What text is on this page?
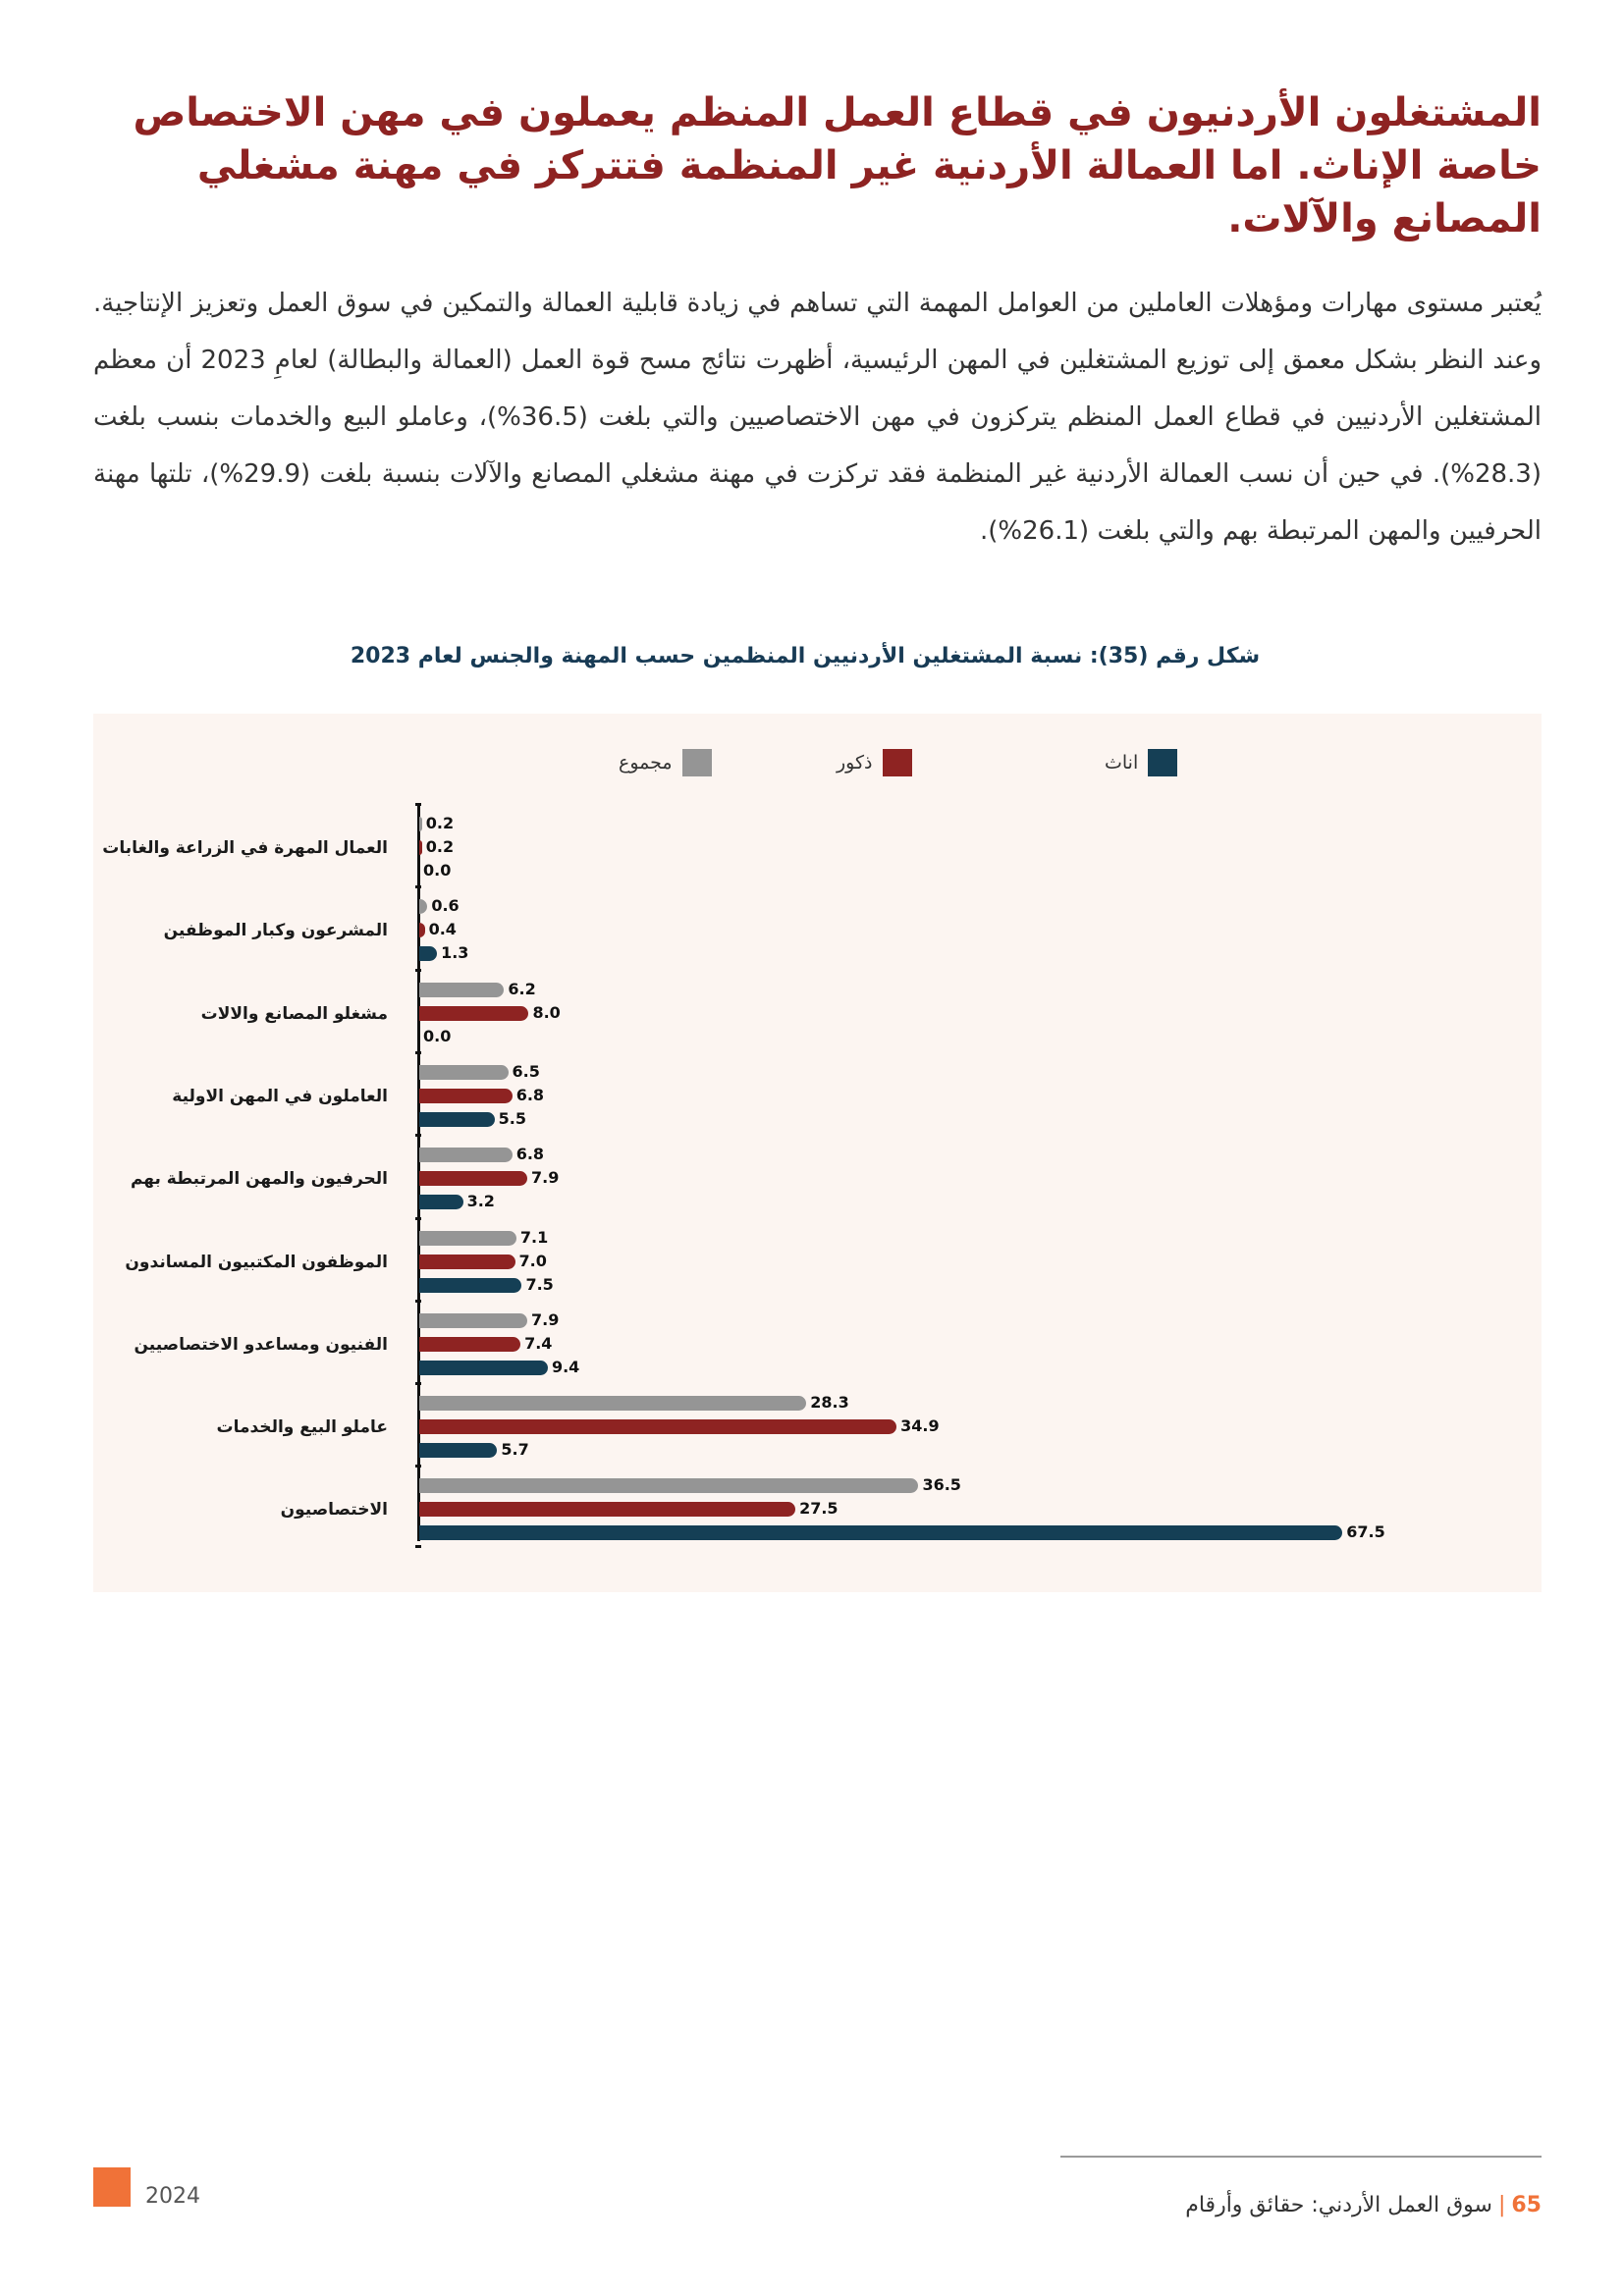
المشتغلون الأردنيون في قطاع العمل المنظم يعملون في مهن الاختصاص خاصة الإناث. اما العمالة الأردنية غير المنظمة فتتركز في مهنة مشغلي المصانع والآلات.
يُعتبر مستوى مهارات ومؤهلات العاملين من العوامل المهمة التي تساهم في زيادة قابلية العمالة والتمكين في سوق العمل وتعزيز الإنتاجية. وعند النظر بشكل معمق إلى توزيع المشتغلين في المهن الرئيسية، أظهرت نتائج مسح قوة العمل (العمالة والبطالة) لعامِ 2023 أن معظم المشتغلين الأردنيين في قطاع العمل المنظم يتركزون في مهن الاختصاصيين والتي بلغت (36.5%)، وعاملو البيع والخدمات بنسب بلغت (28.3%). في حين أن نسب العمالة الأردنية غير المنظمة فقد تركزت في مهنة مشغلي المصانع والآلات بنسبة بلغت (29.9%)، تلتها مهنة الحرفيين والمهن المرتبطة بهم والتي بلغت (26.1%).
شكل رقم (35): نسبة المشتغلين الأردنيين المنظمين حسب المهنة والجنس لعام 2023
اناث
ذكور
مجموع
العمال المهرة في الزراعة والغابات
0.2
0.2
0.0
المشرعون وكبار الموظفين
0.6
0.4
1.3
مشغلو المصانع والالات
6.2
8.0
0.0
العاملون في المهن الاولية
6.5
6.8
5.5
الحرفيون والمهن المرتبطة بهم
6.8
7.9
3.2
الموظفون المكتبيون المساندون
7.1
7.0
7.5
الفنيون ومساعدو الاختصاصيين
7.9
7.4
9.4
عاملو البيع والخدمات
28.3
34.9
5.7
الاختصاصيون
36.5
27.5
67.5
2024	65
|
سوق العمل الأردني: حقائق وأرقام
